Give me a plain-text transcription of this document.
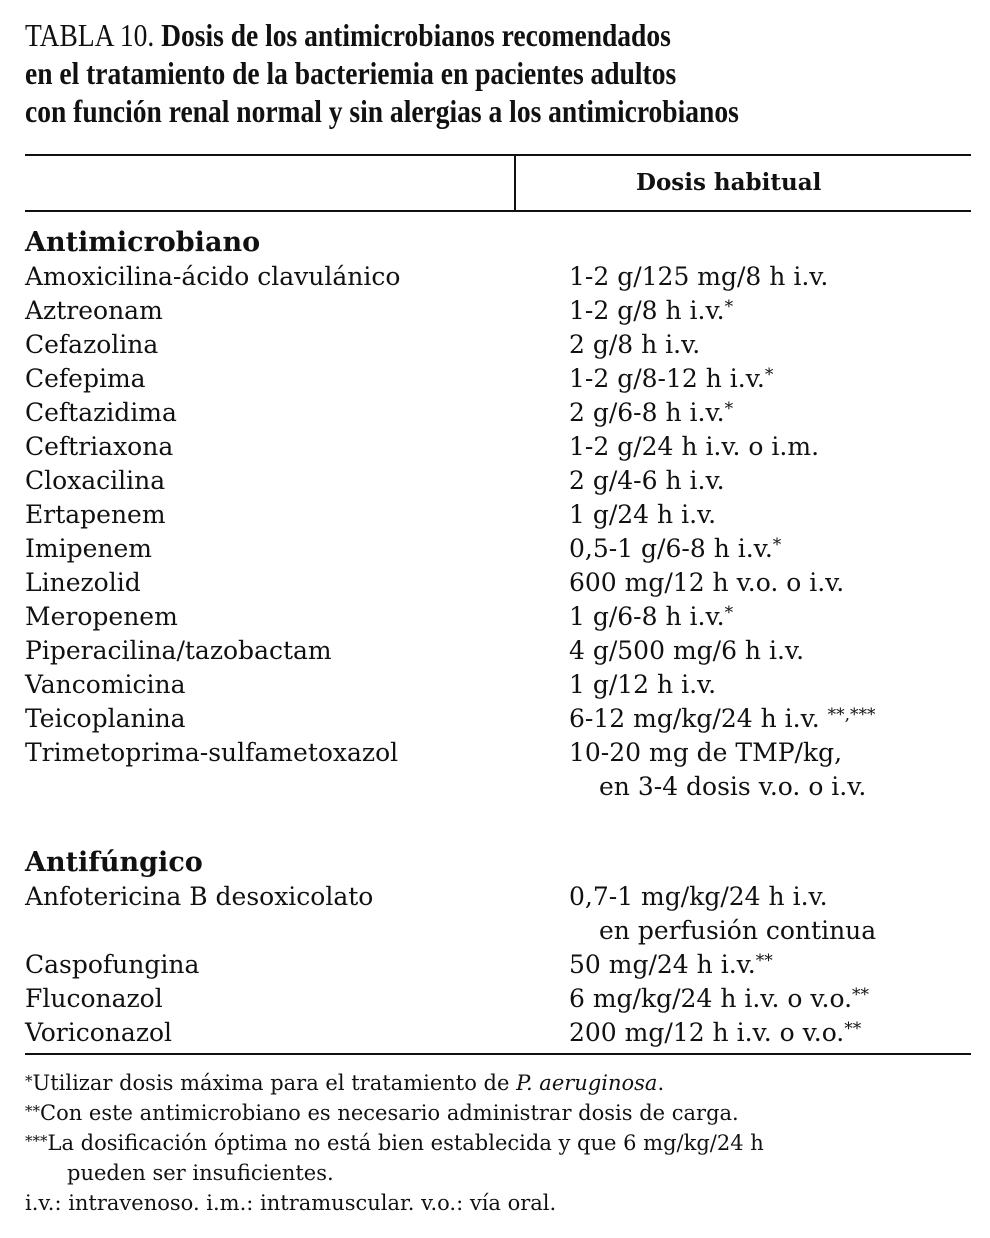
TABLA 10. Dosis de los antimicrobianos recomendados
en el tratamiento de la bacteriemia en pacientes adultos
con función renal normal y sin alergias a los antimicrobianos
Dosis habitual
Antimicrobiano
Amoxicilina-ácido clavulánico	1-2 g/125 mg/8 h i.v.
Aztreonam	1-2 g/8 h i.v.*
Cefazolina	2 g/8 h i.v.
Cefepima	1-2 g/8-12 h i.v.*
Ceftazidima	2 g/6-8 h i.v.*
Ceftriaxona	1-2 g/24 h i.v. o i.m.
Cloxacilina	2 g/4-6 h i.v.
Ertapenem	1 g/24 h i.v.
Imipenem	0,5-1 g/6-8 h i.v.*
Linezolid	600 mg/12 h v.o. o i.v.
Meropenem	1 g/6-8 h i.v.*
Piperacilina/tazobactam	4 g/500 mg/6 h i.v.
Vancomicina	1 g/12 h i.v.
Teicoplanina	6-12 mg/kg/24 h i.v. **,***
Trimetoprima-sulfametoxazol	10-20 mg de TMP/kg,
en 3-4 dosis v.o. o i.v.
Antifúngico
Anfotericina B desoxicolato	0,7-1 mg/kg/24 h i.v.
en perfusión continua
Caspofungina	50 mg/24 h i.v.**
Fluconazol	6 mg/kg/24 h i.v. o v.o.**
Voriconazol	200 mg/12 h i.v. o v.o.**
*Utilizar dosis máxima para el tratamiento de P. aeruginosa.
**Con este antimicrobiano es necesario administrar dosis de carga.
***La dosificación óptima no está bien establecida y que 6 mg/kg/24 h
pueden ser insuficientes.
i.v.: intravenoso. i.m.: intramuscular. v.o.: vía oral.
